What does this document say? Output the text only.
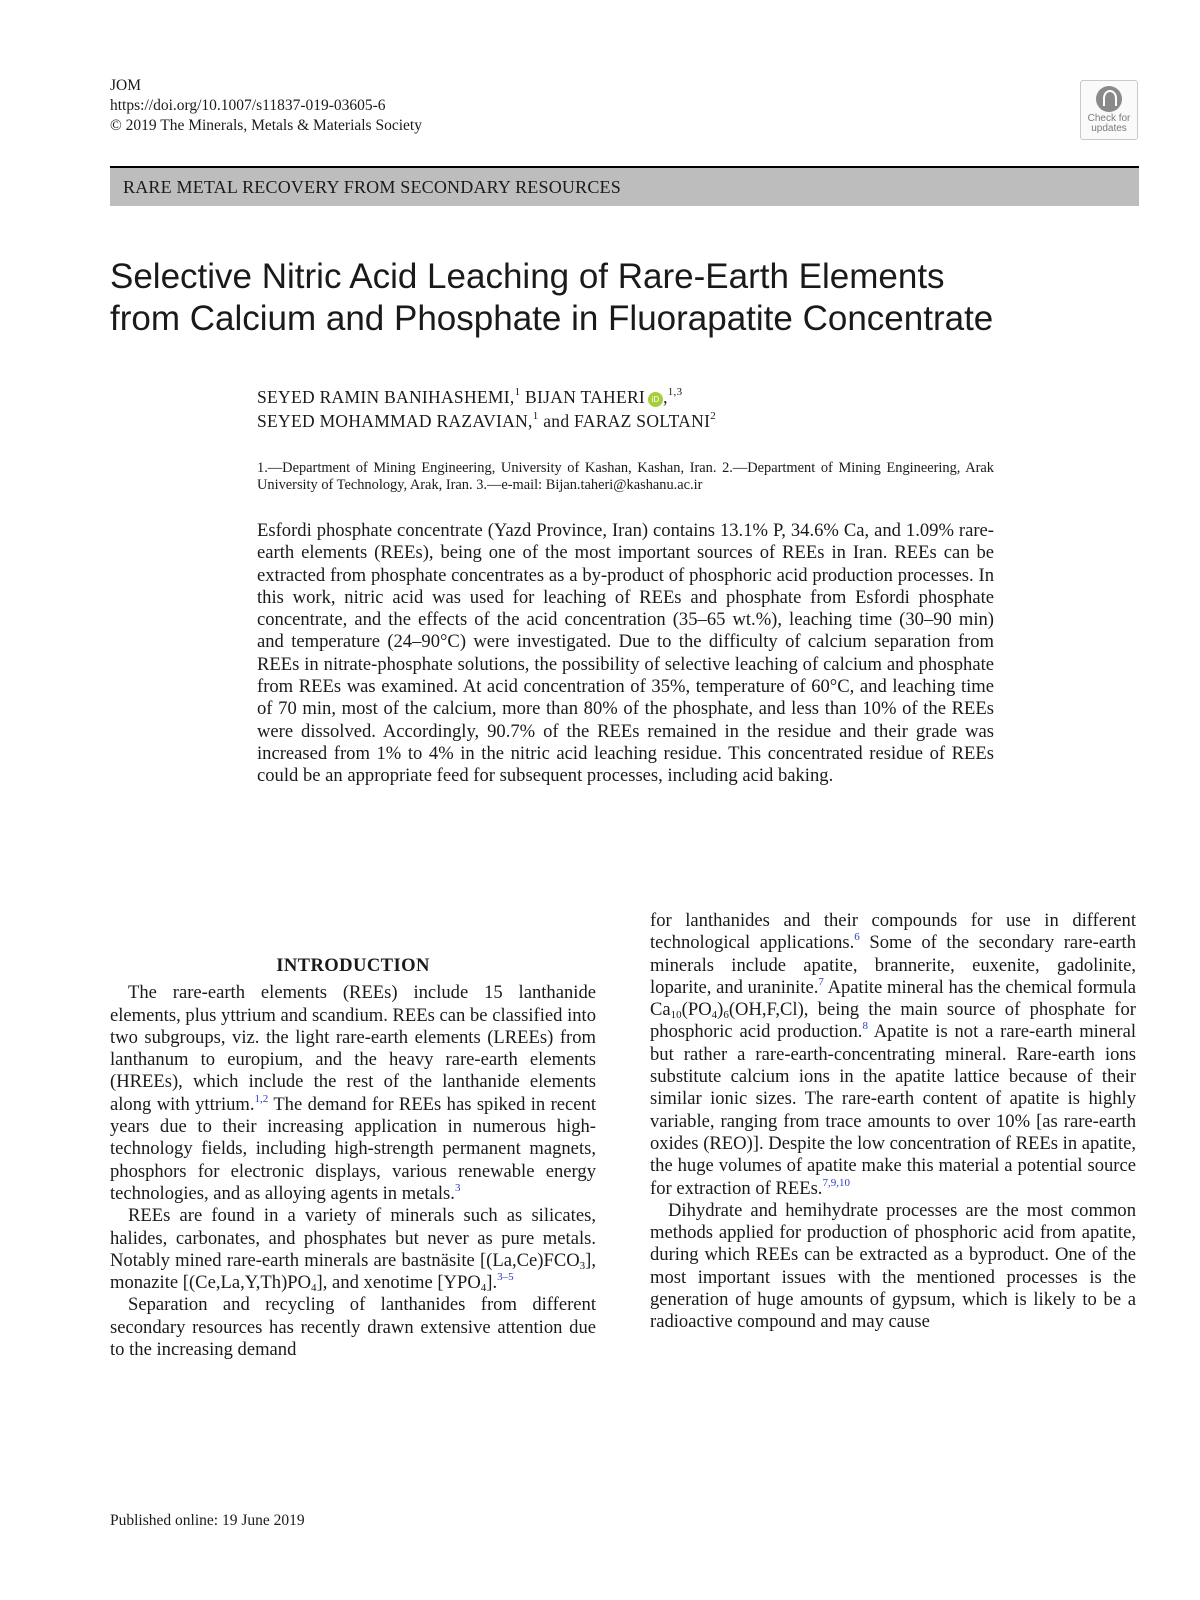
JOM
https://doi.org/10.1007/s11837-019-03605-6
© 2019 The Minerals, Metals & Materials Society	Check for
updates
RARE METAL RECOVERY FROM SECONDARY RESOURCES
Selective Nitric Acid Leaching of Rare-Earth Elements
from Calcium and Phosphate in Fluorapatite Concentrate
SEYED RAMIN BANIHASHEMI,$^1$ BIJAN TAHERI iD ,$^{1,3}$
SEYED MOHAMMAD RAZAVIAN,$^1$ and FARAZ SOLTANI$^2$
1.—Department of Mining Engineering, University of Kashan, Kashan, Iran. 2.—Department of Mining Engineering, Arak University of Technology, Arak, Iran. 3.—e-mail: Bijan.taheri@kashanu.ac.ir
Esfordi phosphate concentrate (Yazd Province, Iran) contains 13.1% P, 34.6% Ca, and 1.09% rare-earth elements (REEs), being one of the most important sources of REEs in Iran. REEs can be extracted from phosphate concentrates as a by-product of phosphoric acid production processes. In this work, nitric acid was used for leaching of REEs and phosphate from Esfordi phosphate concentrate, and the effects of the acid concentration (35–65 wt.%), leaching time (30–90 min) and temperature (24–90°C) were investigated. Due to the difficulty of calcium separation from REEs in nitrate-phosphate solutions, the possibility of selective leaching of calcium and phosphate from REEs was examined. At acid concentration of 35%, temperature of 60°C, and leaching time of 70 min, most of the calcium, more than 80% of the phosphate, and less than 10% of the REEs were dissolved. Accordingly, 90.7% of the REEs remained in the residue and their grade was increased from 1% to 4% in the nitric acid leaching residue. This concentrated residue of REEs could be an appropriate feed for subsequent processes, including acid baking.
INTRODUCTION

The rare-earth elements (REEs) include 15 lanthanide elements, plus yttrium and scandium. REEs can be classified into two subgroups, viz. the light rare-earth elements (LREEs) from lanthanum to europium, and the heavy rare-earth elements (HREEs), which include the rest of the lanthanide elements along with yttrium.$^{1,2}$ The demand for REEs has spiked in recent years due to their increasing application in numerous high-technology fields, including high-strength permanent magnets, phosphors for electronic displays, various renewable energy technologies, and as alloying agents in metals.$^3$

REEs are found in a variety of minerals such as silicates, halides, carbonates, and phosphates but never as pure metals. Notably mined rare-earth minerals are bastnäsite $[(La,Ce)FCO_3]$, monazite $[(Ce,La,Y,Th)PO_4]$, and xenotime $[YPO_4].^{3-5}$

Separation and recycling of lanthanides from different secondary resources has recently drawn extensive attention due to the increasing demand

for lanthanides and their compounds for use in different technological applications.$^6$ Some of the secondary rare-earth minerals include apatite, brannerite, euxenite, gadolinite, loparite, and uraninite.$^7$ Apatite mineral has the chemical formula $Ca_{10}(PO_4)_6(OH,F,Cl)$, being the main source of phosphate for phosphoric acid production.$^8$ Apatite is not a rare-earth mineral but rather a rare-earth-concentrating mineral. Rare-earth ions substitute calcium ions in the apatite lattice because of their similar ionic sizes. The rare-earth content of apatite is highly variable, ranging from trace amounts to over 10% [as rare-earth oxides (REO)]. Despite the low concentration of REEs in apatite, the huge volumes of apatite make this material a potential source for extraction of REEs.$^{7,9,10}$

Dihydrate and hemihydrate processes are the most common methods applied for production of phosphoric acid from apatite, during which REEs can be extracted as a byproduct. One of the most important issues with the mentioned processes is the generation of huge amounts of gypsum, which is likely to be a radioactive compound and may cause

Published online: 19 June 2019
